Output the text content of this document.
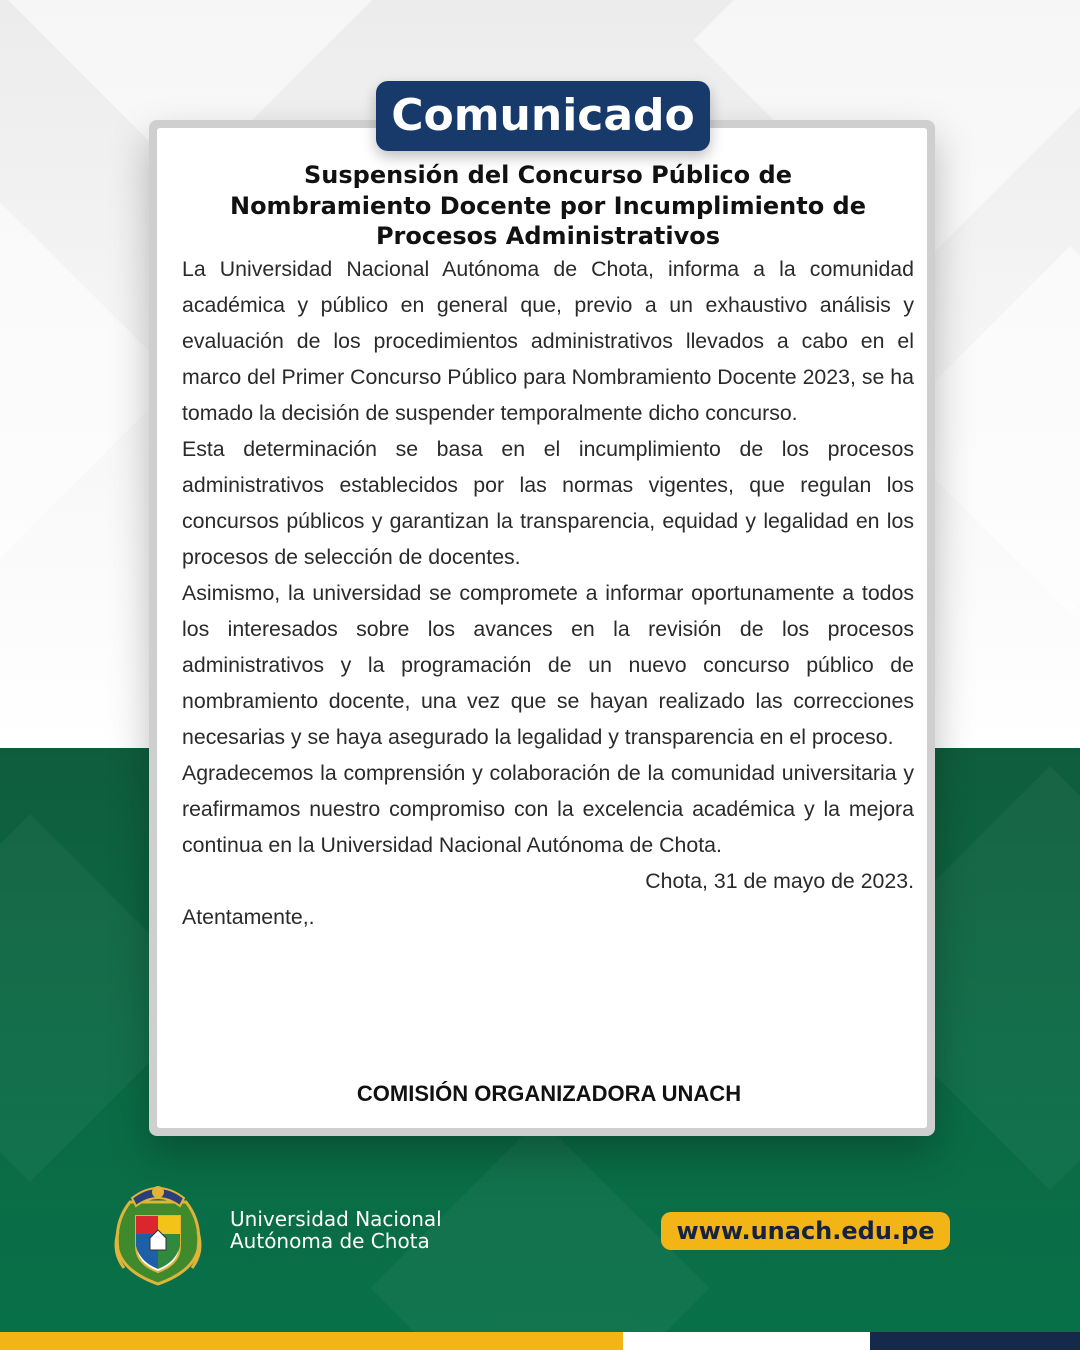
Comunicado
Suspensión del Concurso Público de
Nombramiento Docente por Incumplimiento de
Procesos Administrativos

La Universidad Nacional Autónoma de Chota, informa a la comunidad académica y público en general que, previo a un exhaustivo análisis y evaluación de los procedimientos administrativos llevados a cabo en el marco del Primer Concurso Público para Nombramiento Docente 2023, se ha tomado la decisión de suspender temporalmente dicho concurso.

Esta determinación se basa en el incumplimiento de los procesos administrativos establecidos por las normas vigentes, que regulan los concursos públicos y garantizan la transparencia, equidad y legalidad en los procesos de selección de docentes.

Asimismo, la universidad se compromete a informar oportunamente a todos los interesados sobre los avances en la revisión de los procesos administrativos y la programación de un nuevo concurso público de nombramiento docente, una vez que se hayan realizado las correcciones necesarias y se haya asegurado la legalidad y transparencia en el proceso.

Agradecemos la comprensión y colaboración de la comunidad universitaria y reafirmamos nuestro compromiso con la excelencia académica y la mejora continua en la Universidad Nacional Autónoma de Chota.

Chota, 31 de mayo de 2023.

Atentamente,.

COMISIÓN ORGANIZADORA UNACH
Universidad Nacional
Autónoma de Chota	www.unach.edu.pe
